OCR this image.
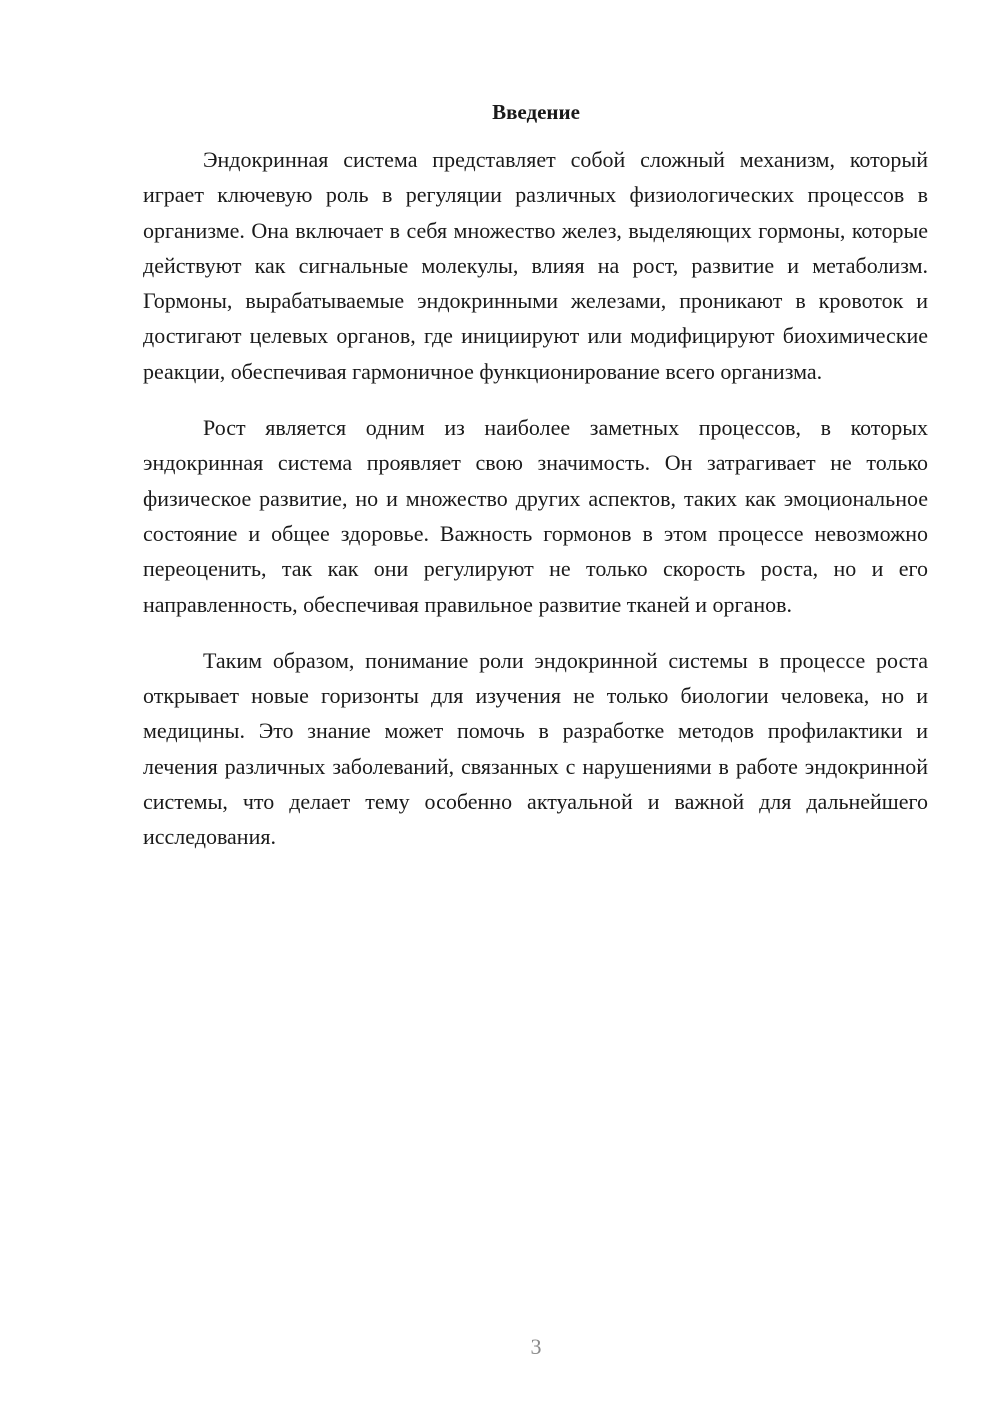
Введение

Эндокринная система представляет собой сложный механизм, который играет ключевую роль в регуляции различных физиологических процессов в организме. Она включает в себя множество желез, выделяющих гормоны, которые действуют как сигнальные молекулы, влияя на рост, развитие и метаболизм. Гормоны, вырабатываемые эндокринными железами, проникают в кровоток и достигают целевых органов, где инициируют или модифицируют биохимические реакции, обеспечивая гармоничное функционирование всего организма.

Рост является одним из наиболее заметных процессов, в которых эндокринная система проявляет свою значимость. Он затрагивает не только физическое развитие, но и множество других аспектов, таких как эмоциональное состояние и общее здоровье. Важность гормонов в этом процессе невозможно переоценить, так как они регулируют не только скорость роста, но и его направленность, обеспечивая правильное развитие тканей и органов.

Таким образом, понимание роли эндокринной системы в процессе роста открывает новые горизонты для изучения не только биологии человека, но и медицины. Это знание может помочь в разработке методов профилактики и лечения различных заболеваний, связанных с нарушениями в работе эндокринной системы, что делает тему особенно актуальной и важной для дальнейшего исследования.

3
